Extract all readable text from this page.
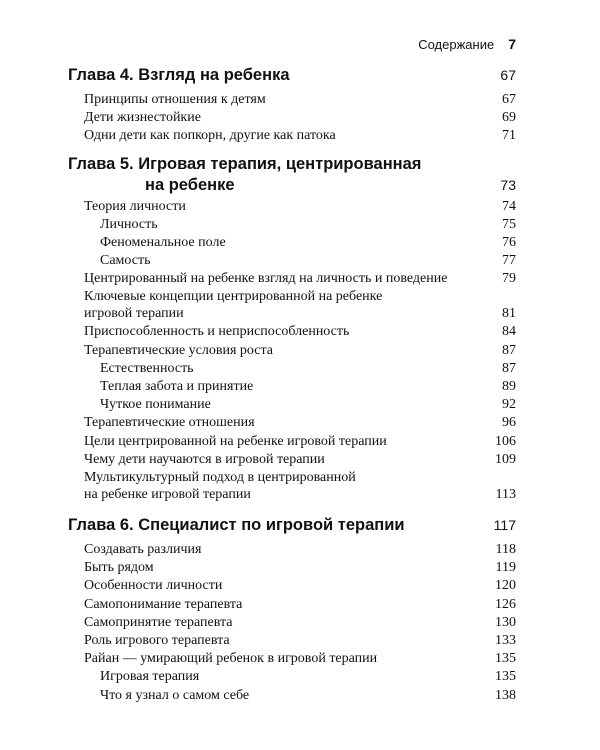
Содержание 7
Глава 4. Взгляд на ребенка	67
Принципы отношения к детям	67
Дети жизнестойкие	69
Одни дети как попкорн, другие как патока	71
Глава 5. Игровая терапия, центрированная
на ребенке	73
Теория личности	74
Личность	75
Феноменальное поле	76
Самость	77
Центрированный на ребенке взгляд на личность и поведение	79
Ключевые концепции центрированной на ребенке
игровой терапии	81
Приспособленность и неприспособленность	84
Терапевтические условия роста	87
Естественность	87
Теплая забота и принятие	89
Чуткое понимание	92
Терапевтические отношения	96
Цели центрированной на ребенке игровой терапии	106
Чему дети научаются в игровой терапии	109
Мультикультурный подход в центрированной
на ребенке игровой терапии	113
Глава 6. Специалист по игровой терапии	117
Создавать различия	118
Быть рядом	119
Особенности личности	120
Самопонимание терапевта	126
Самопринятие терапевта	130
Роль игрового терапевта	133
Райан — умирающий ребенок в игровой терапии	135
Игровая терапия	135
Что я узнал о самом себе	138
